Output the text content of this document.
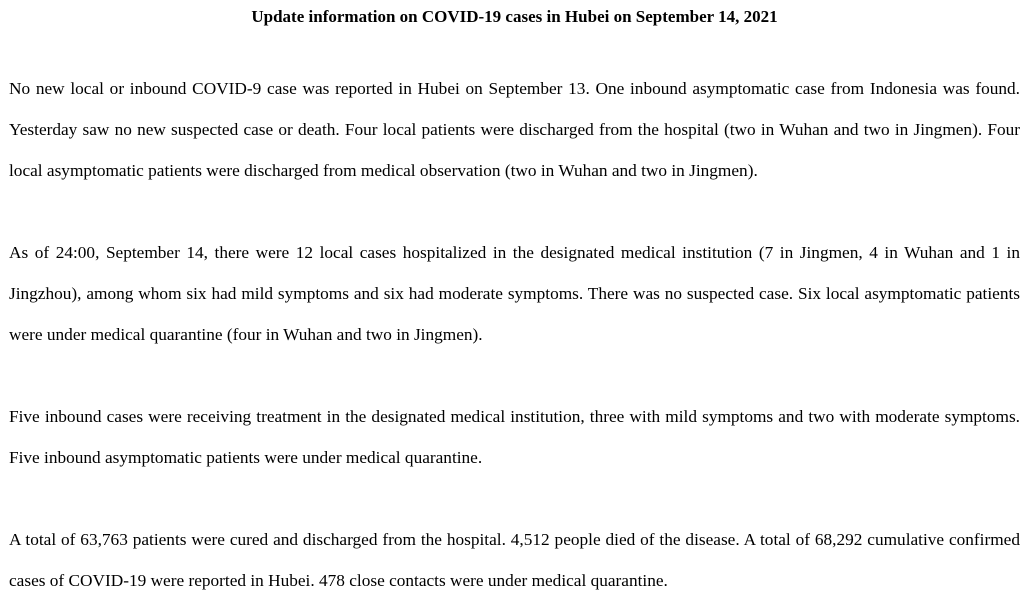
Update information on COVID-19 cases in Hubei on September 14, 2021

No new local or inbound COVID-9 case was reported in Hubei on September 13. One inbound asymptomatic case from Indonesia was found. Yesterday saw no new suspected case or death. Four local patients were discharged from the hospital (two in Wuhan and two in Jingmen). Four local asymptomatic patients were discharged from medical observation (two in Wuhan and two in Jingmen).

As of 24:00, September 14, there were 12 local cases hospitalized in the designated medical institution (7 in Jingmen, 4 in Wuhan and 1 in Jingzhou), among whom six had mild symptoms and six had moderate symptoms. There was no suspected case. Six local asymptomatic patients were under medical quarantine (four in Wuhan and two in Jingmen).

Five inbound cases were receiving treatment in the designated medical institution, three with mild symptoms and two with moderate symptoms. Five inbound asymptomatic patients were under medical quarantine.

A total of 63,763 patients were cured and discharged from the hospital. 4,512 people died of the disease. A total of 68,292 cumulative confirmed cases of COVID-19 were reported in Hubei. 478 close contacts were under medical quarantine.
